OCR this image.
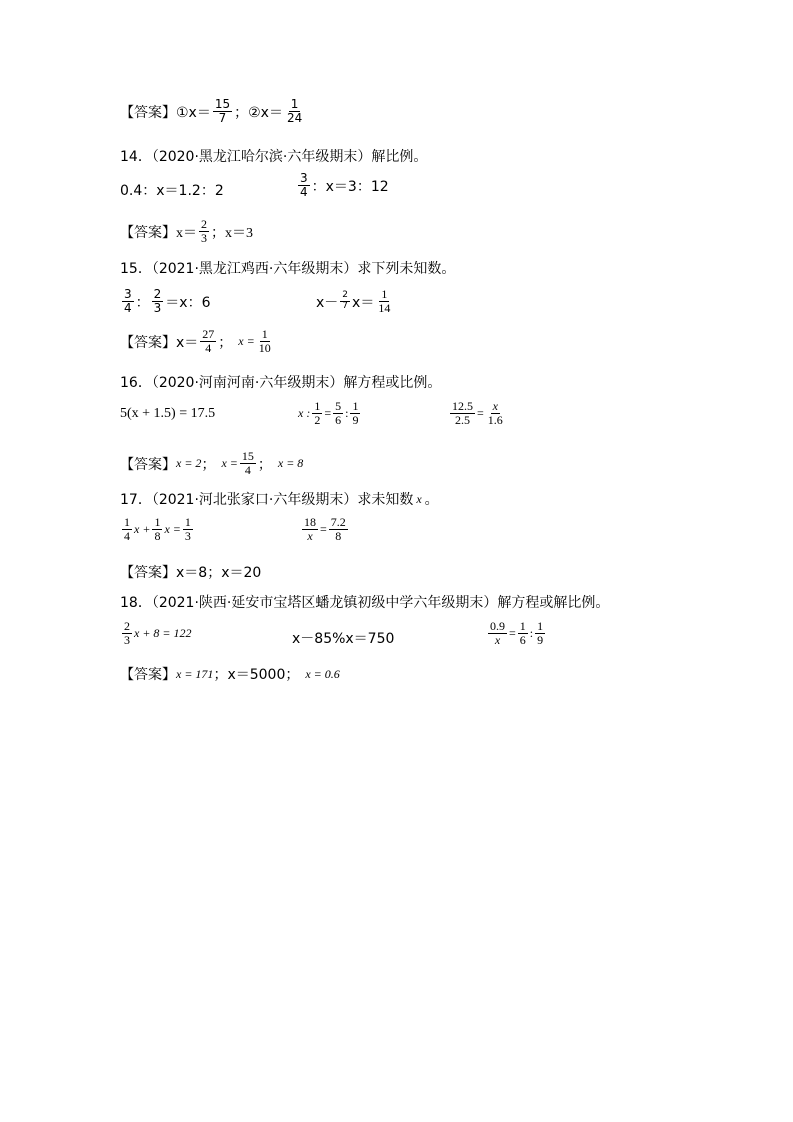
【答案】 ①x＝ $\frac{15}{7}$ ； ②x＝ $\frac{1}{24}$
14．（2020·黑龙江哈尔滨·六年级期末）解比例。
0.4：x＝1.2：2	$\frac{3}{4}$ ：x＝3：12
【答案】 $x= \frac{2}{3}$ ； x＝3
15．（2021·黑龙江鸡西·六年级期末）求下列未知数。
$\frac{3}{4}$ ： $\frac{2}{3} =x$：6	$x- \frac{2}{7} x= \frac{1}{14}$
【答案】 $x= \frac{27}{4}$ ； $x = \frac{1}{10}$
16．（2020·河南河南·六年级期末）解方程或比例。
5(x + 1.5) = 17.5	x : $\frac{1}{2} = \frac{5}{6}$ : $\frac{1}{9}$	$\frac{12.5}{2.5} = \frac{x}{1.6}$
【答案】 x = 2 ； $x = \frac{15}{4}$ ； x = 8
17．（2021·河北张家口·六年级期末）求未知数 x 。
$\frac{1}{4}$ $x + \frac{1}{8}$ $x = \frac{1}{3}$	$\frac{18}{x} = \frac{7.2}{8}$
【答案】 x＝8；x＝20
18．（2021·陕西·延安市宝塔区蟠龙镇初级中学六年级期末）解方程或解比例。
$\frac{2}{3}$ x + 8 = 122	x－85%x＝750	$\frac{0.9}{x} = \frac{1}{6}$ : $\frac{1}{9}$
【答案】 x = 171 ； x＝5000； x = 0.6
